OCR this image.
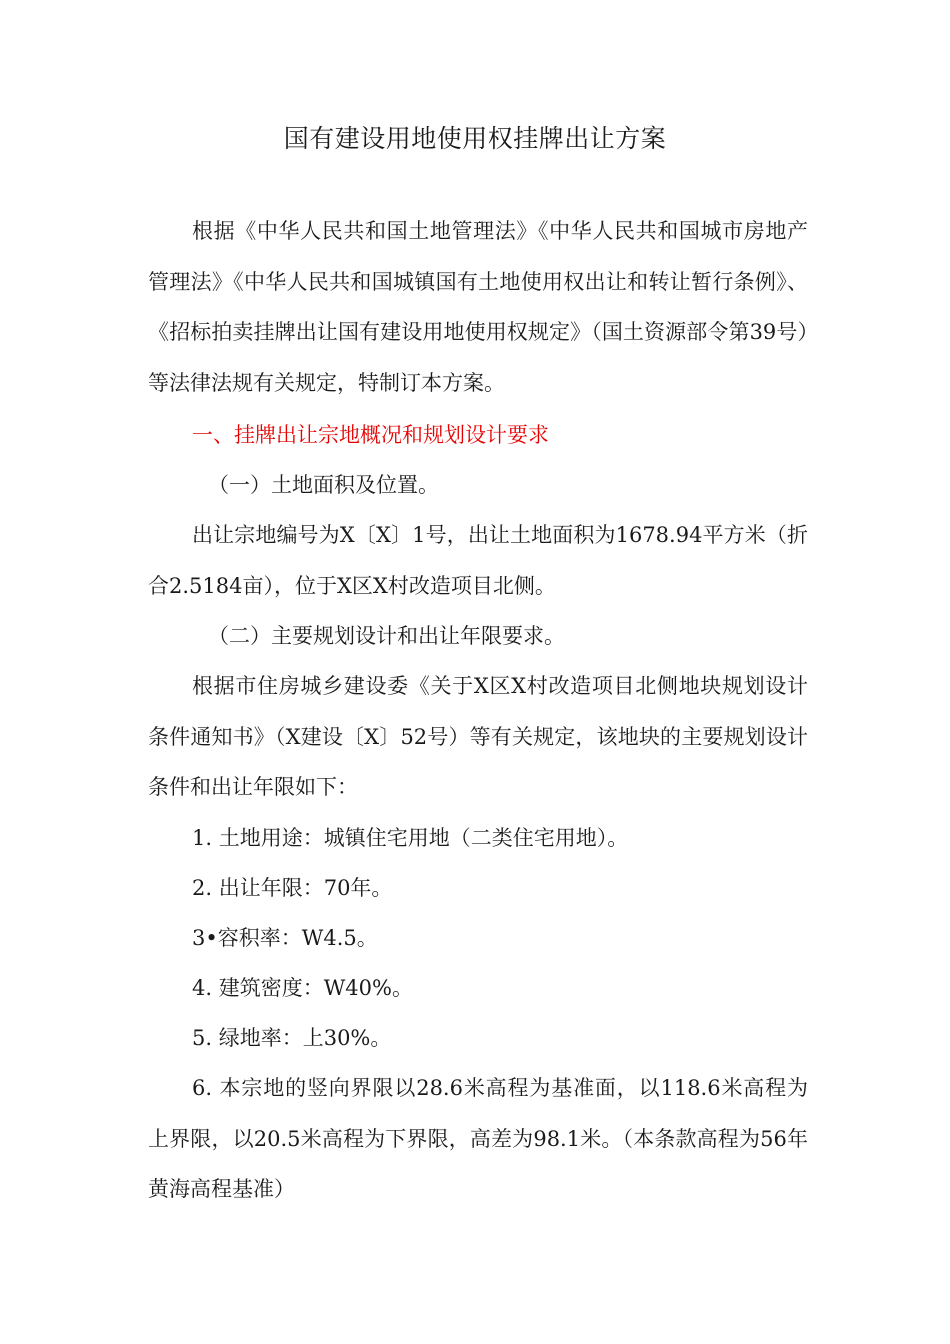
国有建设用地使用权挂牌出让方案

根据《中华人民共和国土地管理法》《中华人民共和国城市房地产管理法》《中华人民共和国城镇国有土地使用权出让和转让暂行条例》、《招标拍卖挂牌出让国有建设用地使用权规定》（国土资源部令第39号）等法律法规有关规定，特制订本方案。

一、挂牌出让宗地概况和规划设计要求
（一）土地面积及位置。

出让宗地编号为X〔X〕1号，出让土地面积为1678.94平方米（折合2.5184亩），位于X区X村改造项目北侧。

（二）主要规划设计和出让年限要求。

根据市住房城乡建设委《关于X区X村改造项目北侧地块规划设计条件通知书》（X建设〔X〕52号）等有关规定，该地块的主要规划设计条件和出让年限如下：

1. 土地用途：城镇住宅用地（二类住宅用地）。
2. 出让年限：70年。
3•容积率：W4.5。
4. 建筑密度：W40%。
5. 绿地率：上30%。

6. 本宗地的竖向界限以28.6米高程为基准面，以118.6米高程为上界限，以20.5米高程为下界限，高差为98.1米。（本条款高程为56年黄海高程基准）
